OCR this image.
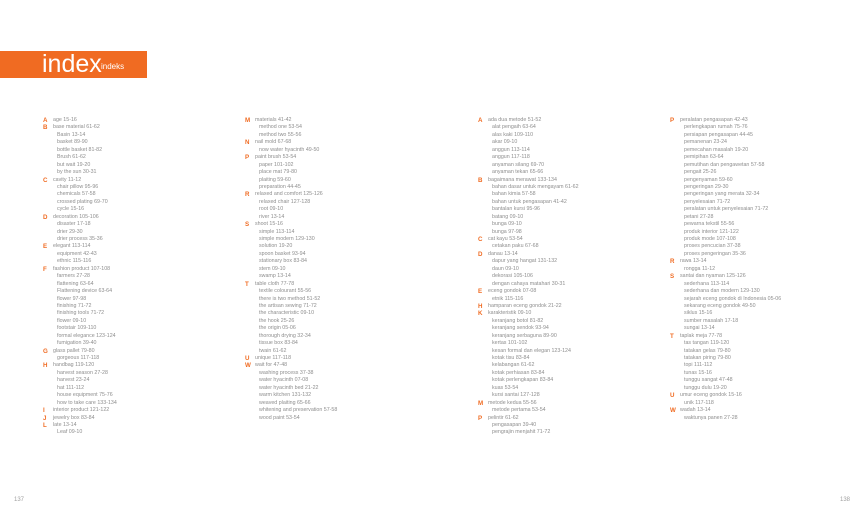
index indeks
A	age 15-16
B	base material 61-62
Basin 13-14
basket 89-90
bottle basket 81-82
Brush 61-62
but wait 19-20
by the sun 30-31
C	cavity 11-12
chair pillow 95-96
chemicals 57-58
crossed plating 69-70
cycle 15-16
D	decoration 105-106
disaster 17-18
drier 29-30
drier process 35-36
E	elegant 113-114
equipment 42-43
ethnic 115-116
F	fashion product 107-108
farmers 27-28
flattening 63-64
Flattening device 63-64
flower 97-98
finishing 71-72
finishing tools 71-72
flower 09-10
footstair 109-110
formal elegance 123-124
fumigation 39-40
G glass pallet 79-80
gorgeous 117-118
H	handbag 119-120
harvest season 27-28
harvest 23-24
hat 111-112
house equipment 75-76
how to take care 133-134
I	interior product 121-122
J	jewelry box 83-84
L	late 13-14
Leaf 09-10
M materials 41-42
method one 53-54
method two 55-56
N	nail mold 67-68
now water hyacinth 49-50
P	paint brush 53-54
paper 101-102
place mat 79-80
plaiting 59-60
preparation 44-45
R	relaxed and comfort 125-126
relaxed chair 127-128
root 09-10
river 13-14
S	shoot 15-16
simple 113-114
simple modern 129-130
solution 19-20
spoon basket 93-94
stationary box 83-84
stem 09-10
swamp 13-14
T	table cloth 77-78
textile colourant 55-56
there is two method 51-52
the artisan sewing 71-72
the characteristic 09-10
the hook 25-26
the origin 05-06
thorough drying 32-34
tissue box 83-84
twain 61-62
U	unique 117-118
W wait for 47-48
washing process 37-38
water hyacinth 07-08
water hyacinth bed 21-22
warm kitchen 131-132
weaved plaiting 65-66
whitening and preservation 57-58
wood paint 53-54
A	ada dua metode 51-52
alat pengaih 63-64
alas kaki 109-110
akar 09-10
anggun 113-114
anggun 117-118
anyaman silang 69-70
anyaman tekan 65-66
B	bagaimana merawat 133-134
bahan dasar untuk mengayam 61-62
bahan kimia 57-58
bahan untuk pengasapan 41-42
bantalan kursi 95-96
batang 09-10
bunga 09-10
bunga 97-98
C	cat kayu 53-54
cetakan paku 67-68
D	danau 13-14
dapur yang hangat 131-132
daun 09-10
dekorasi 105-106
dengan cahaya matahari 30-31
E	eceng gondok 07-08
etnik 115-116
H	hamparan eceng gondok 21-22
K	karakteristik 09-10
keranjang botol 81-82
keranjang sendok 93-94
keranjang serbaguna 89-90
kertas 101-102
kesan formal dan elegan 123-124
kotak tisu 83-84
kelabangan 61-62
kotak perhiasan 83-84
kotak perlengkapan 83-84
kuas 53-54
kursi santai 127-128
M metode kedua 55-56
metode pertama 53-54
P	pelintir 61-62
pengasapan 39-40
pengrajin menjahit 71-72
P	peralatan pengasapan 42-43
perlengkapan rumah 75-76
persiapan pengasapan 44-45
pemanenan 23-24
pemecahan masalah 19-20
pemipihan 63-64
pemutihan dan pengawetan 57-58
pengait 25-26
pengenyaman 59-60
pengeringan 29-30
pengeringan yang merata 32-34
penyelesaian 71-72
peralatan untuk penyelesaian 71-72
petani 27-28
pewarna tekstil 55-56
produk interior 121-122
produk mode 107-108
proses pencucian 37-38
proses pengeringan 35-36
R	rawa 13-14
rongga 11-12
S	santai dan nyaman 125-126
sederhana 113-114
sederhana dan modern 129-130
sejarah eceng gondok di Indonesia 05-06
sekarang eceng gondok 49-50
siklus 15-16
sumber masalah 17-18
sungai 13-14
T	taplak meja 77-78
tas tangan 119-120
tatakan gelas 79-80
tatakan piring 79-80
topi 111-112
tunas 15-16
tunggu sangat 47-48
tunggu dulu 19-20
U	umur eceng gondok 15-16
unik 117-118
W wadah 13-14
waktunya panen 27-28
137	138
